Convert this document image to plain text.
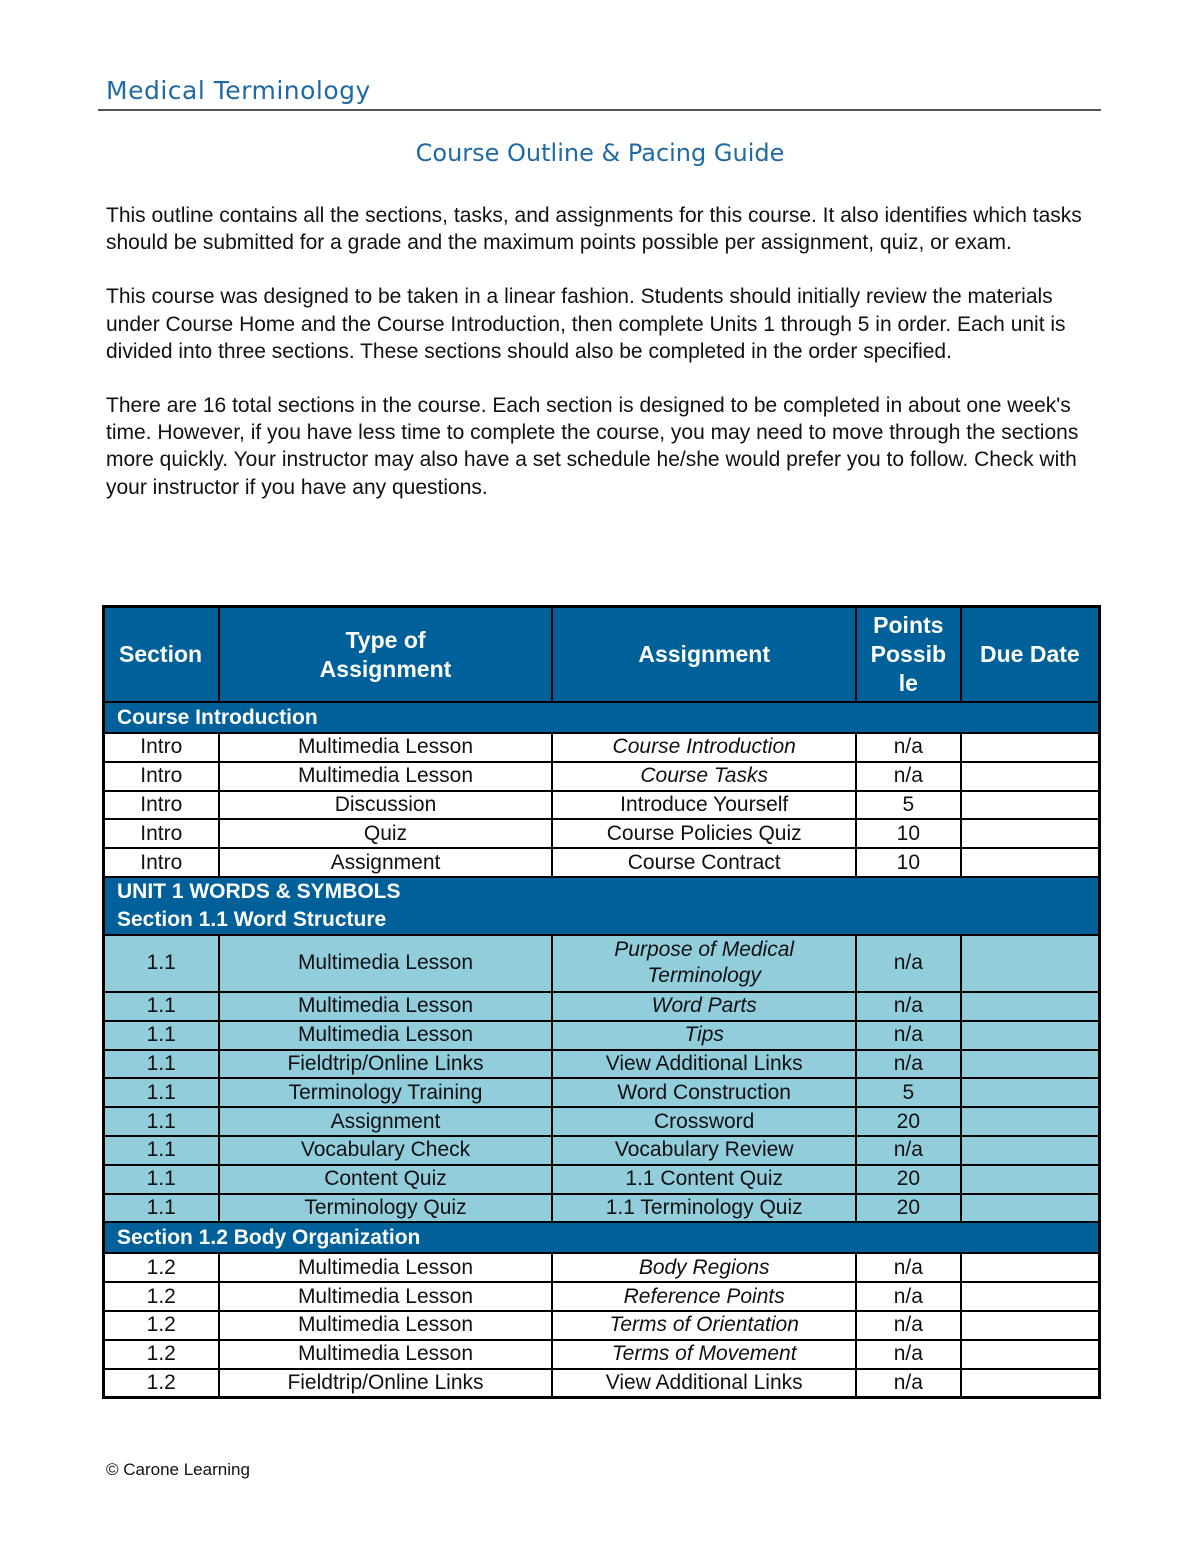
Medical Terminology
Course Outline & Pacing Guide

This outline contains all the sections, tasks, and assignments for this course. It also identifies which tasks should be submitted for a grade and the maximum points possible per assignment, quiz, or exam.

This course was designed to be taken in a linear fashion. Students should initially review the materials under Course Home and the Course Introduction, then complete Units 1 through 5 in order. Each unit is divided into three sections. These sections should also be completed in the order specified.

There are 16 total sections in the course. Each section is designed to be completed in about one week's time. However, if you have less time to complete the course, you may need to move through the sections more quickly. Your instructor may also have a set schedule he/she would prefer you to follow. Check with your instructor if you have any questions.

Section	Type of Assignment	Assignment	Points Possible	Due Date

Course Introduction				

Intro	Multimedia Lesson	Course Introduction	n/a	
Intro	Multimedia Lesson	Course Tasks	n/a	
Intro	Discussion	Introduce Yourself	5	
Intro	Quiz	Course Policies Quiz	10	
Intro	Assignment	Course Contract	10	

UNIT 1 WORDS & SYMBOLS
Section 1.1 Word Structure				

1.1	Multimedia Lesson	Purpose of Medical Terminology	n/a	
1.1	Multimedia Lesson	Word Parts	n/a	
1.1	Multimedia Lesson	Tips	n/a	
1.1	Fieldtrip/Online Links	View Additional Links	n/a	
1.1	Terminology Training	Word Construction	5	
1.1	Assignment	Crossword	20	
1.1	Vocabulary Check	Vocabulary Review	n/a	
1.1	Content Quiz	1.1 Content Quiz	20	
1.1	Terminology Quiz	1.1 Terminology Quiz	20	

Section 1.2 Body Organization				

1.2	Multimedia Lesson	Body Regions	n/a	
1.2	Multimedia Lesson	Reference Points	n/a	
1.2	Multimedia Lesson	Terms of Orientation	n/a	
1.2	Multimedia Lesson	Terms of Movement	n/a	
1.2	Fieldtrip/Online Links	View Additional Links	n/a	
© Carone Learning
